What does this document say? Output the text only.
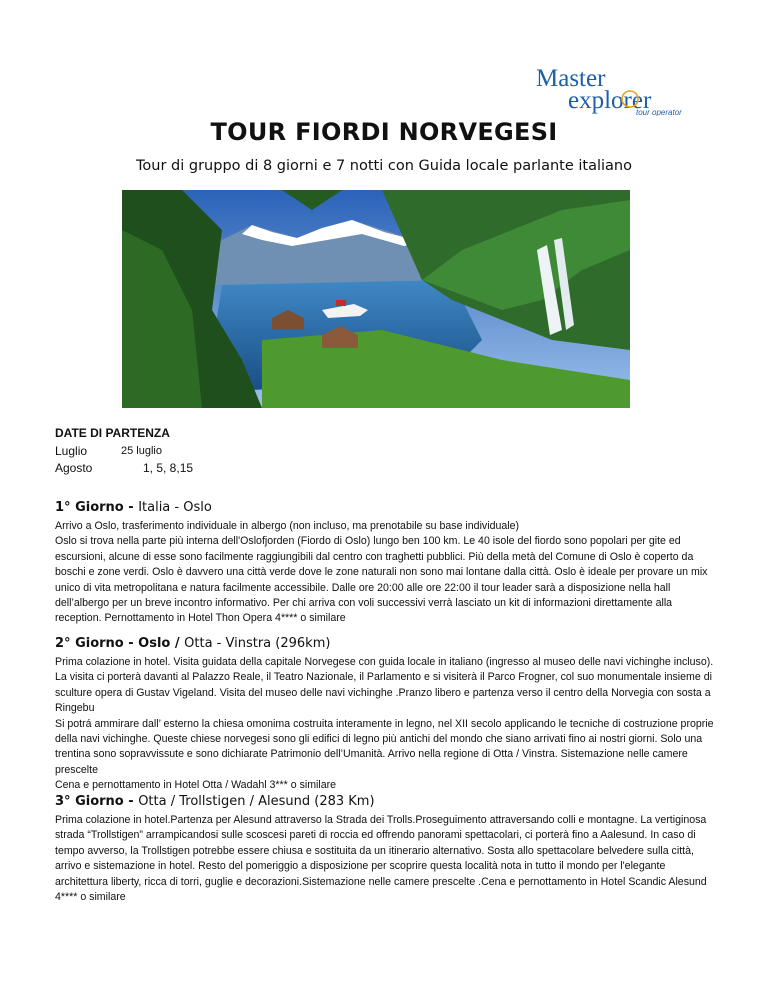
Master
explorer
tour operator
TOUR FIORDI NORVEGESI
Tour di gruppo di 8 giorni e 7 notti con Guida locale parlante italiano
DATE DI PARTENZA
Luglio	25 luglio
Agosto	1, 5, 8,15
1° Giorno - Italia - Oslo

Arrivo a Oslo, trasferimento individuale in albergo (non incluso, ma prenotabile su base individuale)
Oslo si trova nella parte più interna dell'Oslofjorden (Fiordo di Oslo) lungo ben 100 km. Le 40 isole del fiordo sono popolari per gite ed escursioni, alcune di esse sono facilmente raggiungibili dal centro con traghetti pubblici. Più della metà del Comune di Oslo è coperto da boschi e zone verdi. Oslo è davvero una città verde dove le zone naturali non sono mai lontane dalla città. Oslo è ideale per provare un mix unico di vita metropolitana e natura facilmente accessibile. Dalle ore 20:00 alle ore 22:00 il tour leader sarà a disposizione nella hall dell’albergo per un breve incontro informativo. Per chi arriva con voli successivi verrà lasciato un kit di informazioni direttamente alla reception. Pernottamento in Hotel Thon Opera 4**** o similare

2° Giorno - Oslo / Otta - Vinstra (296km)

Prima colazione in hotel. Visita guidata della capitale Norvegese con guida locale in italiano (ingresso al museo delle navi vichinghe incluso). La visita ci porterà davanti al Palazzo Reale, il Teatro Nazionale, il Parlamento e si visiterà il Parco Frogner, col suo monumentale insieme di sculture opera di Gustav Vigeland. Visita del museo delle navi vichinghe .Pranzo libero e partenza verso il centro della Norvegia con sosta a Ringebu
Si potrá ammirare dall’ esterno la chiesa omonima costruita interamente in legno, nel XII secolo applicando le tecniche di costruzione proprie della navi vichinghe. Queste chiese norvegesi sono gli edifici di legno più antichi del mondo che siano arrivati fino ai nostri giorni. Solo una trentina sono sopravvissute e sono dichiarate Patrimonio dell’Umanità. Arrivo nella regione di Otta / Vinstra. Sistemazione nelle camere prescelte
Cena e pernottamento in Hotel Otta / Wadahl 3*** o similare

3° Giorno - Otta / Trollstigen / Alesund (283 Km)

Prima colazione in hotel.Partenza per Alesund attraverso la Strada dei Trolls.Proseguimento attraversando colli e montagne. La vertiginosa strada “Trollstigen” arrampicandosi sulle scoscesi pareti di roccia ed offrendo panorami spettacolari, ci porterà fino a Aalesund. In caso di tempo avverso, la Trollstigen potrebbe essere chiusa e sostituita da un itinerario alternativo. Sosta allo spettacolare belvedere sulla città, arrivo e sistemazione in hotel. Resto del pomeriggio a disposizione per scoprire questa località nota in tutto il mondo per l'elegante architettura liberty, ricca di torri, guglie e decorazioni.Sistemazione nelle camere prescelte .Cena e pernottamento in Hotel Scandic Alesund 4**** o similare
